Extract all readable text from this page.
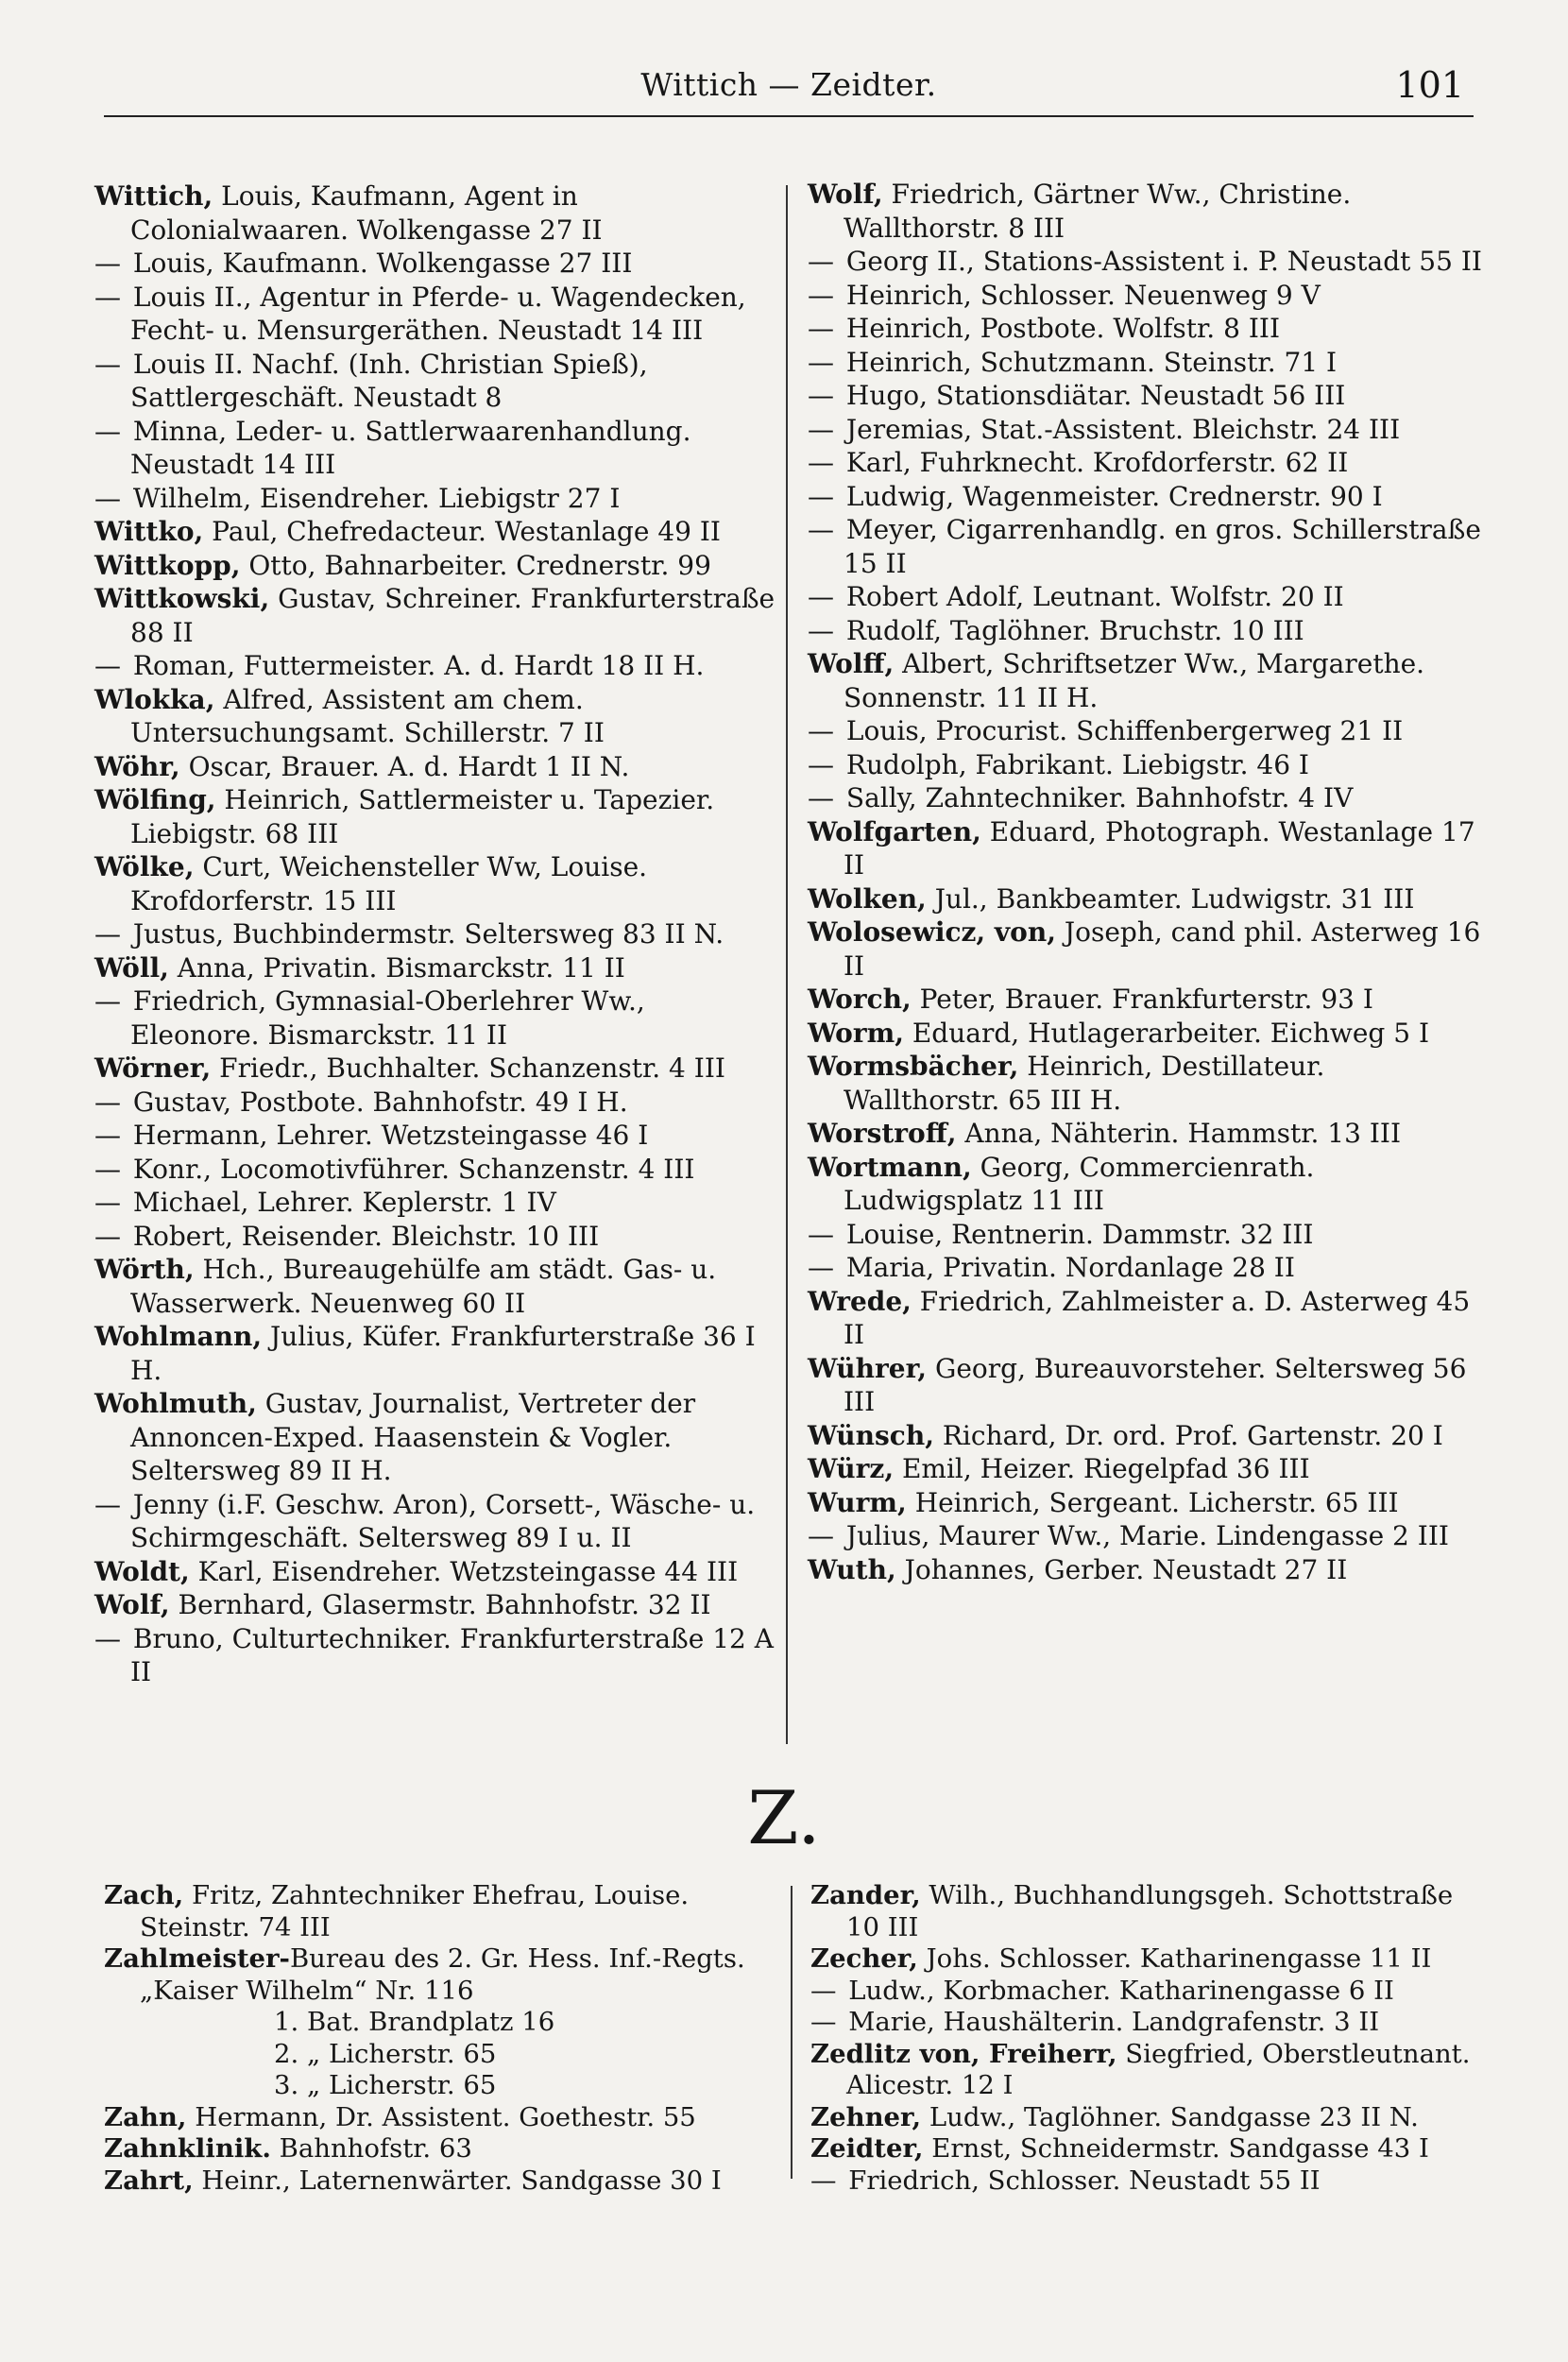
Wittich — Zeidter.	101

Wittich, Louis, Kaufmann, Agent in Colonialwaaren. Wolkengasse 27 II

— Louis, Kaufmann. Wolkengasse 27 III

— Louis II., Agentur in Pferde- u. Wagendecken, Fecht- u. Mensurgeräthen. Neustadt 14 III

— Louis II. Nachf. (Inh. Christian Spieß), Sattlergeschäft. Neustadt 8

— Minna, Leder- u. Sattlerwaarenhandlung. Neustadt 14 III

— Wilhelm, Eisendreher. Liebigstr 27 I

Wittko, Paul, Chefredacteur. Westanlage 49 II

Wittkopp, Otto, Bahnarbeiter. Crednerstr. 99

Wittkowski, Gustav, Schreiner. Frankfurterstraße 88 II

— Roman, Futtermeister. A. d. Hardt 18 II H.

Wlokka, Alfred, Assistent am chem. Untersuchungsamt. Schillerstr. 7 II

Wöhr, Oscar, Brauer. A. d. Hardt 1 II N.

Wölfing, Heinrich, Sattlermeister u. Tapezier. Liebigstr. 68 III

Wölke, Curt, Weichensteller Ww, Louise. Krofdorferstr. 15 III

— Justus, Buchbindermstr. Seltersweg 83 II N.

Wöll, Anna, Privatin. Bismarckstr. 11 II

— Friedrich, Gymnasial-Oberlehrer Ww., Eleonore. Bismarckstr. 11 II

Wörner, Friedr., Buchhalter. Schanzenstr. 4 III

— Gustav, Postbote. Bahnhofstr. 49 I H.

— Hermann, Lehrer. Wetzsteingasse 46 I

— Konr., Locomotivführer. Schanzenstr. 4 III

— Michael, Lehrer. Keplerstr. 1 IV

— Robert, Reisender. Bleichstr. 10 III

Wörth, Hch., Bureaugehülfe am städt. Gas- u. Wasserwerk. Neuenweg 60 II

Wohlmann, Julius, Küfer. Frankfurterstraße 36 I H.

Wohlmuth, Gustav, Journalist, Vertreter der Annoncen-Exped. Haasenstein & Vogler. Seltersweg 89 II H.

— Jenny (i.F. Geschw. Aron), Corsett-, Wäsche- u. Schirmgeschäft. Seltersweg 89 I u. II

Woldt, Karl, Eisendreher. Wetzsteingasse 44 III

Wolf, Bernhard, Glasermstr. Bahnhofstr. 32 II

— Bruno, Culturtechniker. Frankfurterstraße 12 A II

Wolf, Friedrich, Gärtner Ww., Christine. Wallthorstr. 8 III

— Georg II., Stations-Assistent i. P. Neustadt 55 II

— Heinrich, Schlosser. Neuenweg 9 V

— Heinrich, Postbote. Wolfstr. 8 III

— Heinrich, Schutzmann. Steinstr. 71 I

— Hugo, Stationsdiätar. Neustadt 56 III

— Jeremias, Stat.-Assistent. Bleichstr. 24 III

— Karl, Fuhrknecht. Krofdorferstr. 62 II

— Ludwig, Wagenmeister. Crednerstr. 90 I

— Meyer, Cigarrenhandlg. en gros. Schillerstraße 15 II

— Robert Adolf, Leutnant. Wolfstr. 20 II

— Rudolf, Taglöhner. Bruchstr. 10 III

Wolff, Albert, Schriftsetzer Ww., Margarethe. Sonnenstr. 11 II H.

— Louis, Procurist. Schiffenbergerweg 21 II

— Rudolph, Fabrikant. Liebigstr. 46 I

— Sally, Zahntechniker. Bahnhofstr. 4 IV

Wolfgarten, Eduard, Photograph. Westanlage 17 II

Wolken, Jul., Bankbeamter. Ludwigstr. 31 III

Wolosewicz, von, Joseph, cand phil. Asterweg 16 II

Worch, Peter, Brauer. Frankfurterstr. 93 I

Worm, Eduard, Hutlagerarbeiter. Eichweg 5 I

Wormsbächer, Heinrich, Destillateur. Wallthorstr. 65 III H.

Worstroff, Anna, Nähterin. Hammstr. 13 III

Wortmann, Georg, Commercienrath. Ludwigsplatz 11 III

— Louise, Rentnerin. Dammstr. 32 III

— Maria, Privatin. Nordanlage 28 II

Wrede, Friedrich, Zahlmeister a. D. Asterweg 45 II

Wührer, Georg, Bureauvorsteher. Seltersweg 56 III

Wünsch, Richard, Dr. ord. Prof. Gartenstr. 20 I

Würz, Emil, Heizer. Riegelpfad 36 III

Wurm, Heinrich, Sergeant. Licherstr. 65 III

— Julius, Maurer Ww., Marie. Lindengasse 2 III

Wuth, Johannes, Gerber. Neustadt 27 II

Z.

Zach, Fritz, Zahntechniker Ehefrau, Louise. Steinstr. 74 III

Zahlmeister-Bureau des 2. Gr. Hess. Inf.-Regts. „Kaiser Wilhelm“ Nr. 116

1. Bat. Brandplatz 16

2. „ Licherstr. 65

3. „ Licherstr. 65

Zahn, Hermann, Dr. Assistent. Goethestr. 55

Zahnklinik. Bahnhofstr. 63

Zahrt, Heinr., Laternenwärter. Sandgasse 30 I

Zander, Wilh., Buchhandlungsgeh. Schottstraße 10 III

Zecher, Johs. Schlosser. Katharinengasse 11 II

— Ludw., Korbmacher. Katharinengasse 6 II

— Marie, Haushälterin. Landgrafenstr. 3 II

Zedlitz von, Freiherr, Siegfried, Oberstleutnant. Alicestr. 12 I

Zehner, Ludw., Taglöhner. Sandgasse 23 II N.

Zeidter, Ernst, Schneidermstr. Sandgasse 43 I

— Friedrich, Schlosser. Neustadt 55 II
